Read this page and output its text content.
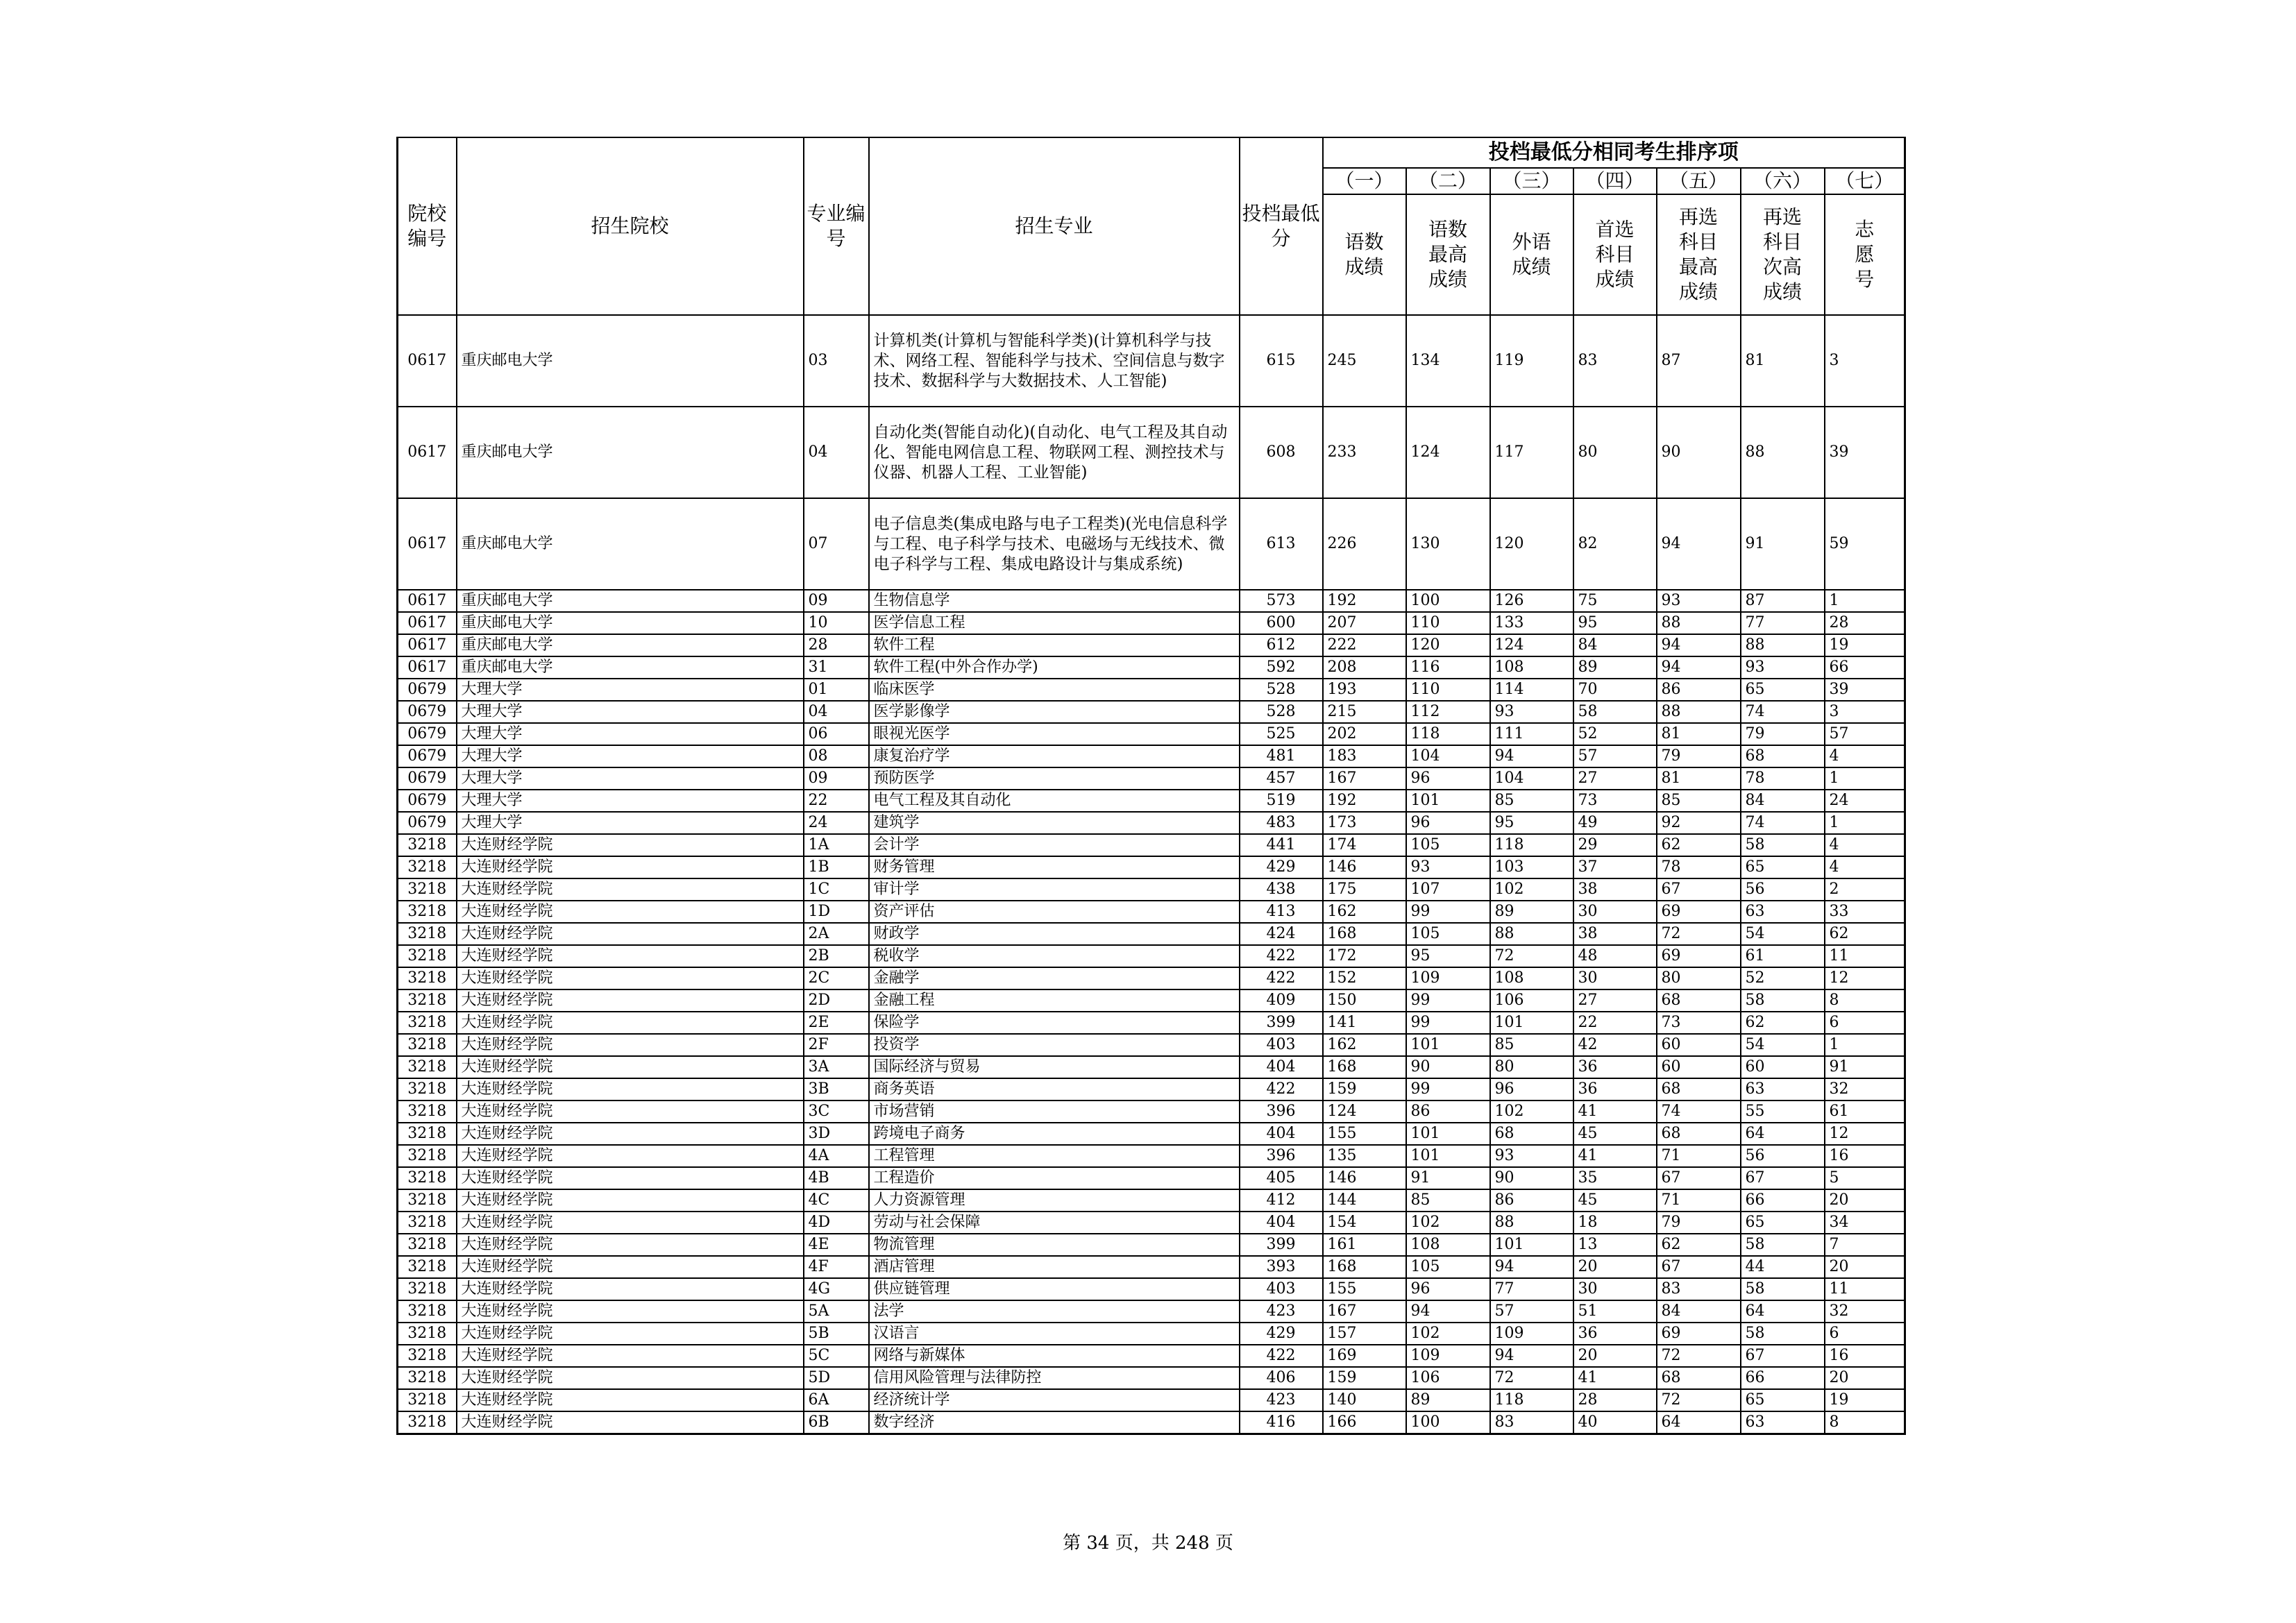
院校编号	招生院校	专业编号	招生专业	投档最低分	投档最低分相同考生排序项						
					（一）	（二）	（三）	（四）	（五）	（六）	（七）

					语数成绩	语数最高成绩	外语成绩	首选科目成绩	再选科目最高成绩	再选科目次高成绩	志愿号

0617	重庆邮电大学	03	计算机类(计算机与智能科学类)(计算机科学与技术、网络工程、智能科学与技术、空间信息与数字技术、数据科学与大数据技术、人工智能)	615	245	134	119	83	87	81	3
0617	重庆邮电大学	04	自动化类(智能自动化)(自动化、电气工程及其自动化、智能电网信息工程、物联网工程、测控技术与仪器、机器人工程、工业智能)	608	233	124	117	80	90	88	39
0617	重庆邮电大学	07	电子信息类(集成电路与电子工程类)(光电信息科学与工程、电子科学与技术、电磁场与无线技术、微电子科学与工程、集成电路设计与集成系统)	613	226	130	120	82	94	91	59
0617	重庆邮电大学	09	生物信息学	573	192	100	126	75	93	87	1
0617	重庆邮电大学	10	医学信息工程	600	207	110	133	95	88	77	28
0617	重庆邮电大学	28	软件工程	612	222	120	124	84	94	88	19
0617	重庆邮电大学	31	软件工程(中外合作办学)	592	208	116	108	89	94	93	66
0679	大理大学	01	临床医学	528	193	110	114	70	86	65	39
0679	大理大学	04	医学影像学	528	215	112	93	58	88	74	3
0679	大理大学	06	眼视光医学	525	202	118	111	52	81	79	57
0679	大理大学	08	康复治疗学	481	183	104	94	57	79	68	4
0679	大理大学	09	预防医学	457	167	96	104	27	81	78	1
0679	大理大学	22	电气工程及其自动化	519	192	101	85	73	85	84	24
0679	大理大学	24	建筑学	483	173	96	95	49	92	74	1
3218	大连财经学院	1A	会计学	441	174	105	118	29	62	58	4
3218	大连财经学院	1B	财务管理	429	146	93	103	37	78	65	4
3218	大连财经学院	1C	审计学	438	175	107	102	38	67	56	2
3218	大连财经学院	1D	资产评估	413	162	99	89	30	69	63	33
3218	大连财经学院	2A	财政学	424	168	105	88	38	72	54	62
3218	大连财经学院	2B	税收学	422	172	95	72	48	69	61	11
3218	大连财经学院	2C	金融学	422	152	109	108	30	80	52	12
3218	大连财经学院	2D	金融工程	409	150	99	106	27	68	58	8
3218	大连财经学院	2E	保险学	399	141	99	101	22	73	62	6
3218	大连财经学院	2F	投资学	403	162	101	85	42	60	54	1
3218	大连财经学院	3A	国际经济与贸易	404	168	90	80	36	60	60	91
3218	大连财经学院	3B	商务英语	422	159	99	96	36	68	63	32
3218	大连财经学院	3C	市场营销	396	124	86	102	41	74	55	61
3218	大连财经学院	3D	跨境电子商务	404	155	101	68	45	68	64	12
3218	大连财经学院	4A	工程管理	396	135	101	93	41	71	56	16
3218	大连财经学院	4B	工程造价	405	146	91	90	35	67	67	5
3218	大连财经学院	4C	人力资源管理	412	144	85	86	45	71	66	20
3218	大连财经学院	4D	劳动与社会保障	404	154	102	88	18	79	65	34
3218	大连财经学院	4E	物流管理	399	161	108	101	13	62	58	7
3218	大连财经学院	4F	酒店管理	393	168	105	94	20	67	44	20
3218	大连财经学院	4G	供应链管理	403	155	96	77	30	83	58	11
3218	大连财经学院	5A	法学	423	167	94	57	51	84	64	32
3218	大连财经学院	5B	汉语言	429	157	102	109	36	69	58	6
3218	大连财经学院	5C	网络与新媒体	422	169	109	94	20	72	67	16
3218	大连财经学院	5D	信用风险管理与法律防控	406	159	106	72	41	68	66	20
3218	大连财经学院	6A	经济统计学	423	140	89	118	28	72	65	19
3218	大连财经学院	6B	数字经济	416	166	100	83	40	64	63	8
第 34 页，共 248 页
